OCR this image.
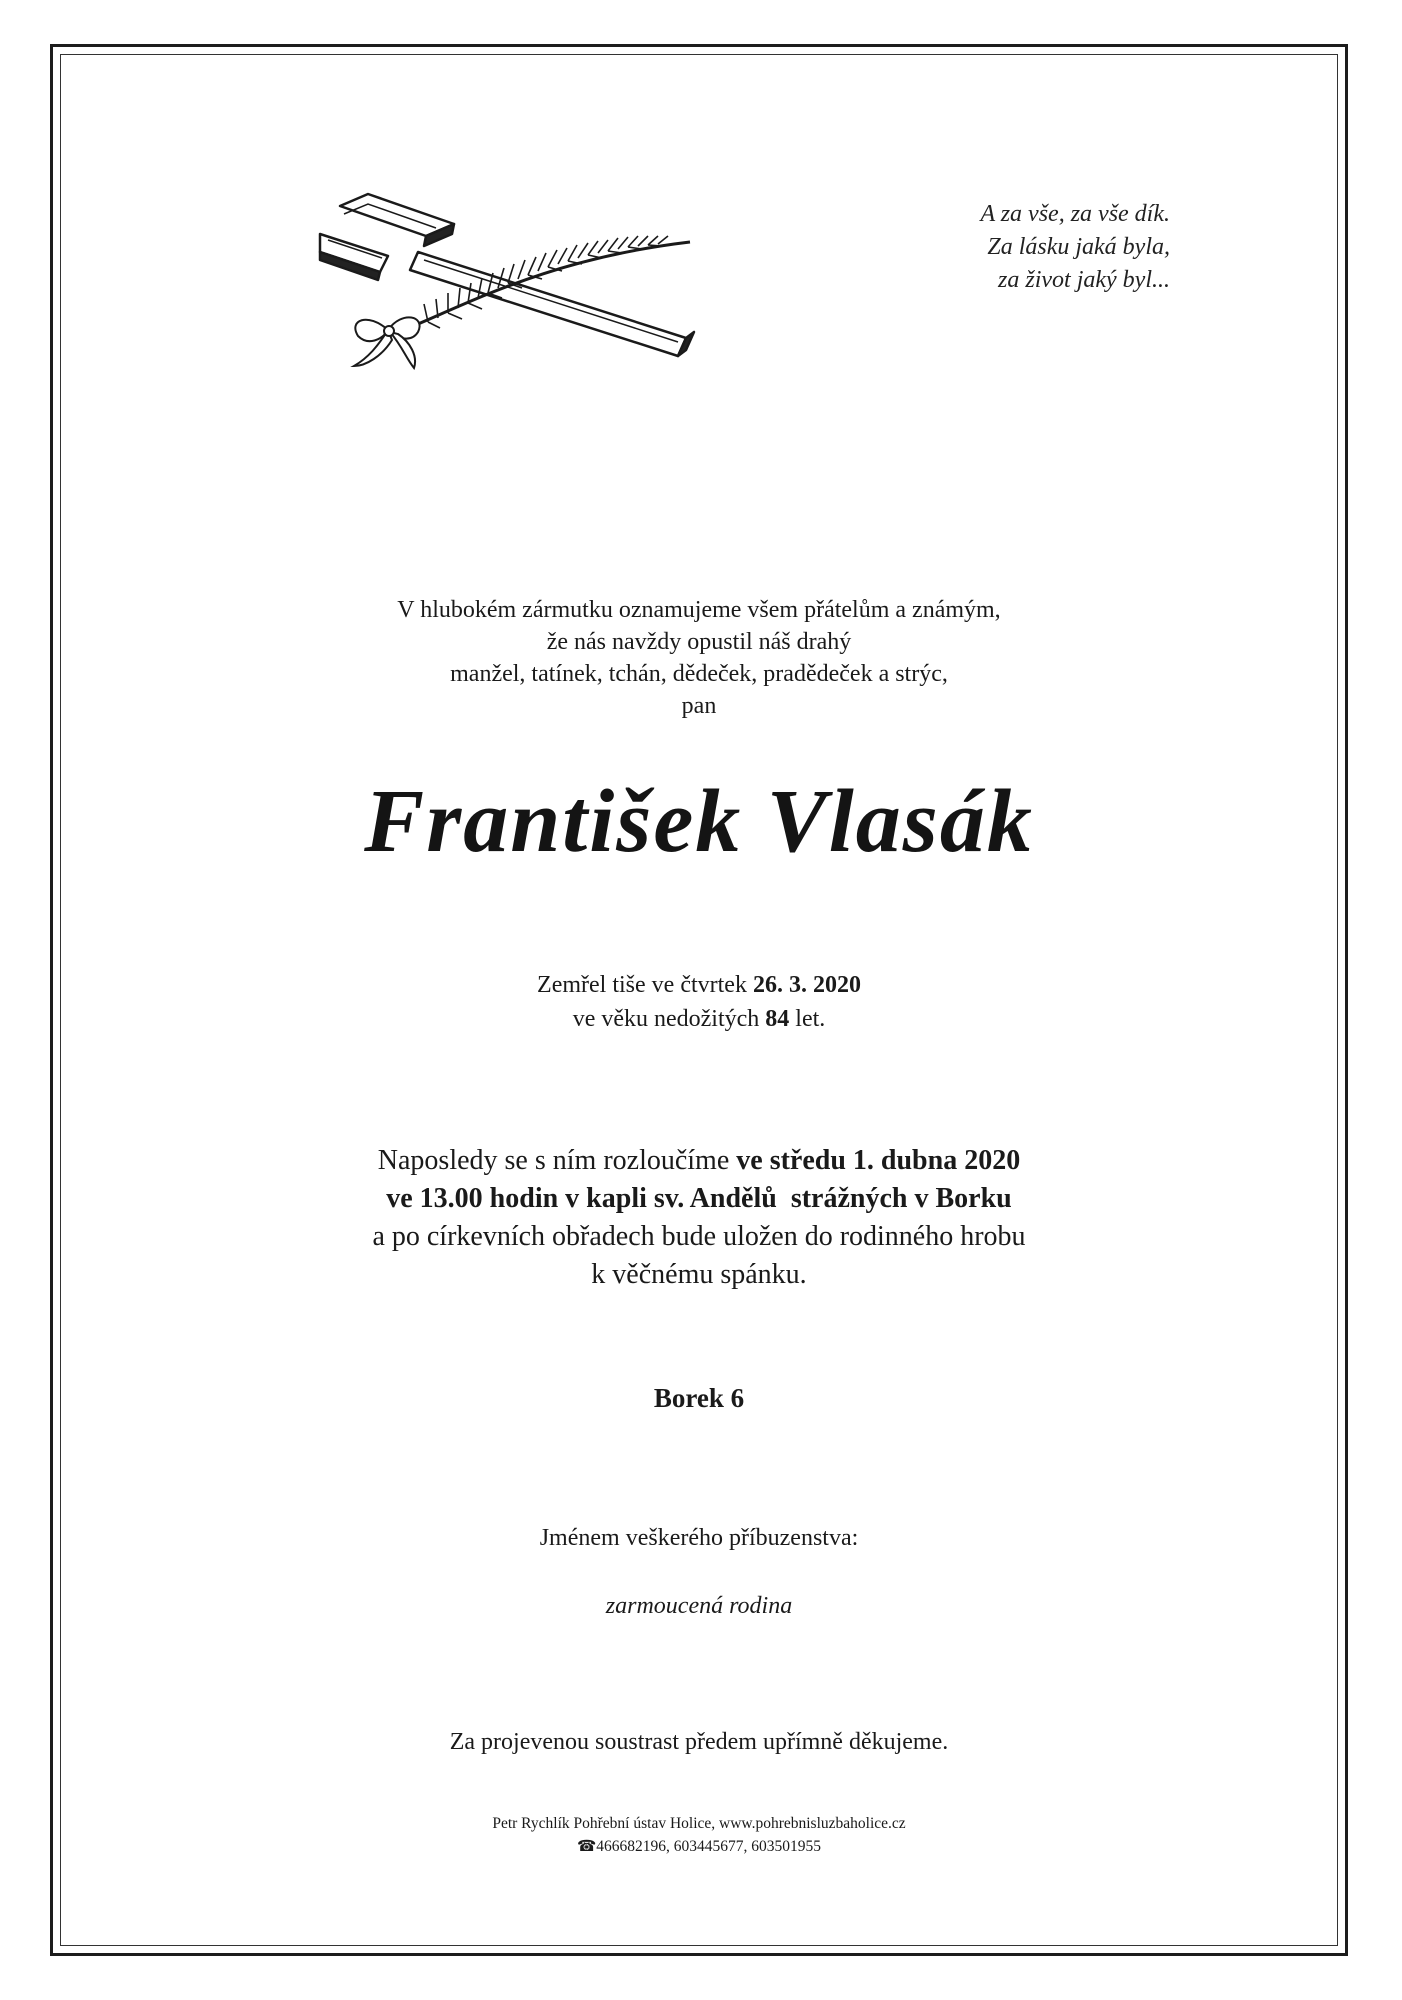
A za vše, za vše dík.
Za lásku jaká byla,
za život jaký byl...
V hlubokém zármutku oznamujeme všem přátelům a známým,
že nás navždy opustil náš drahý
manžel, tatínek, tchán, dědeček, pradědeček a strýc,
pan
František Vlasák
Zemřel tiše ve čtvrtek 26. 3. 2020
ve věku nedožitých 84 let.
Naposledy se s ním rozloučíme ve středu 1. dubna 2020
ve 13.00 hodin v kapli sv. Andělů  strážných v Borku
a po církevních obřadech bude uložen do rodinného hrobu
k věčnému spánku.
Borek 6
Jménem veškerého příbuzenstva:
zarmoucená rodina
Za projevenou soustrast předem upřímně děkujeme.
Petr Rychlík Pohřební ústav Holice, www.pohrebnisluzbaholice.cz
☎466682196, 603445677, 603501955
